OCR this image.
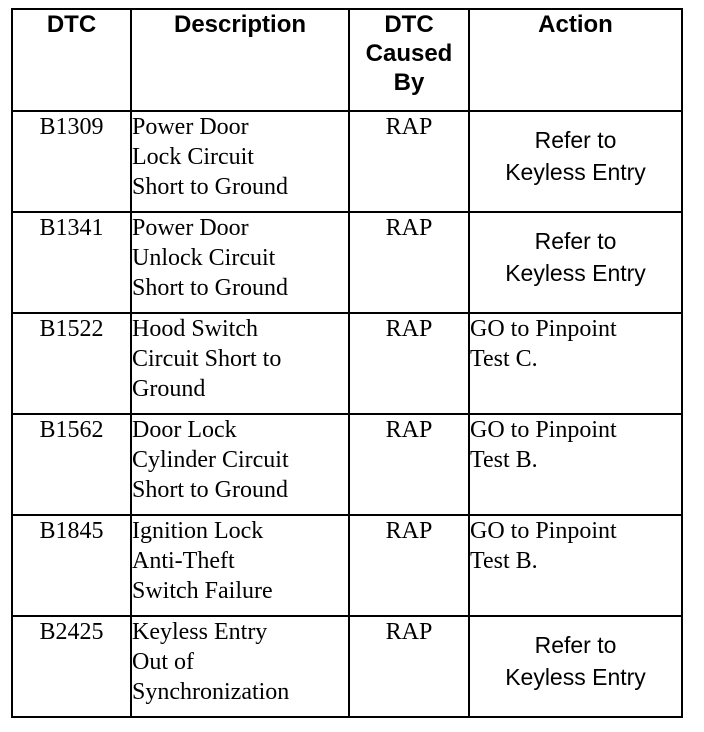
DTC	Description	DTC
Caused
By	Action
B1309	Power Door
Lock Circuit
Short to Ground	RAP	Refer to
Keyless Entry

B1341	Power Door
Unlock Circuit
Short to Ground	RAP	Refer to
Keyless Entry

B1522	Hood Switch
Circuit Short to
Ground	RAP	GO to Pinpoint
Test C.

B1562	Door Lock
Cylinder Circuit
Short to Ground	RAP	GO to Pinpoint
Test B.

B1845	Ignition Lock
Anti-Theft
Switch Failure	RAP	GO to Pinpoint
Test B.

B2425	Keyless Entry
Out of
Synchronization	RAP	Refer to
Keyless Entry
